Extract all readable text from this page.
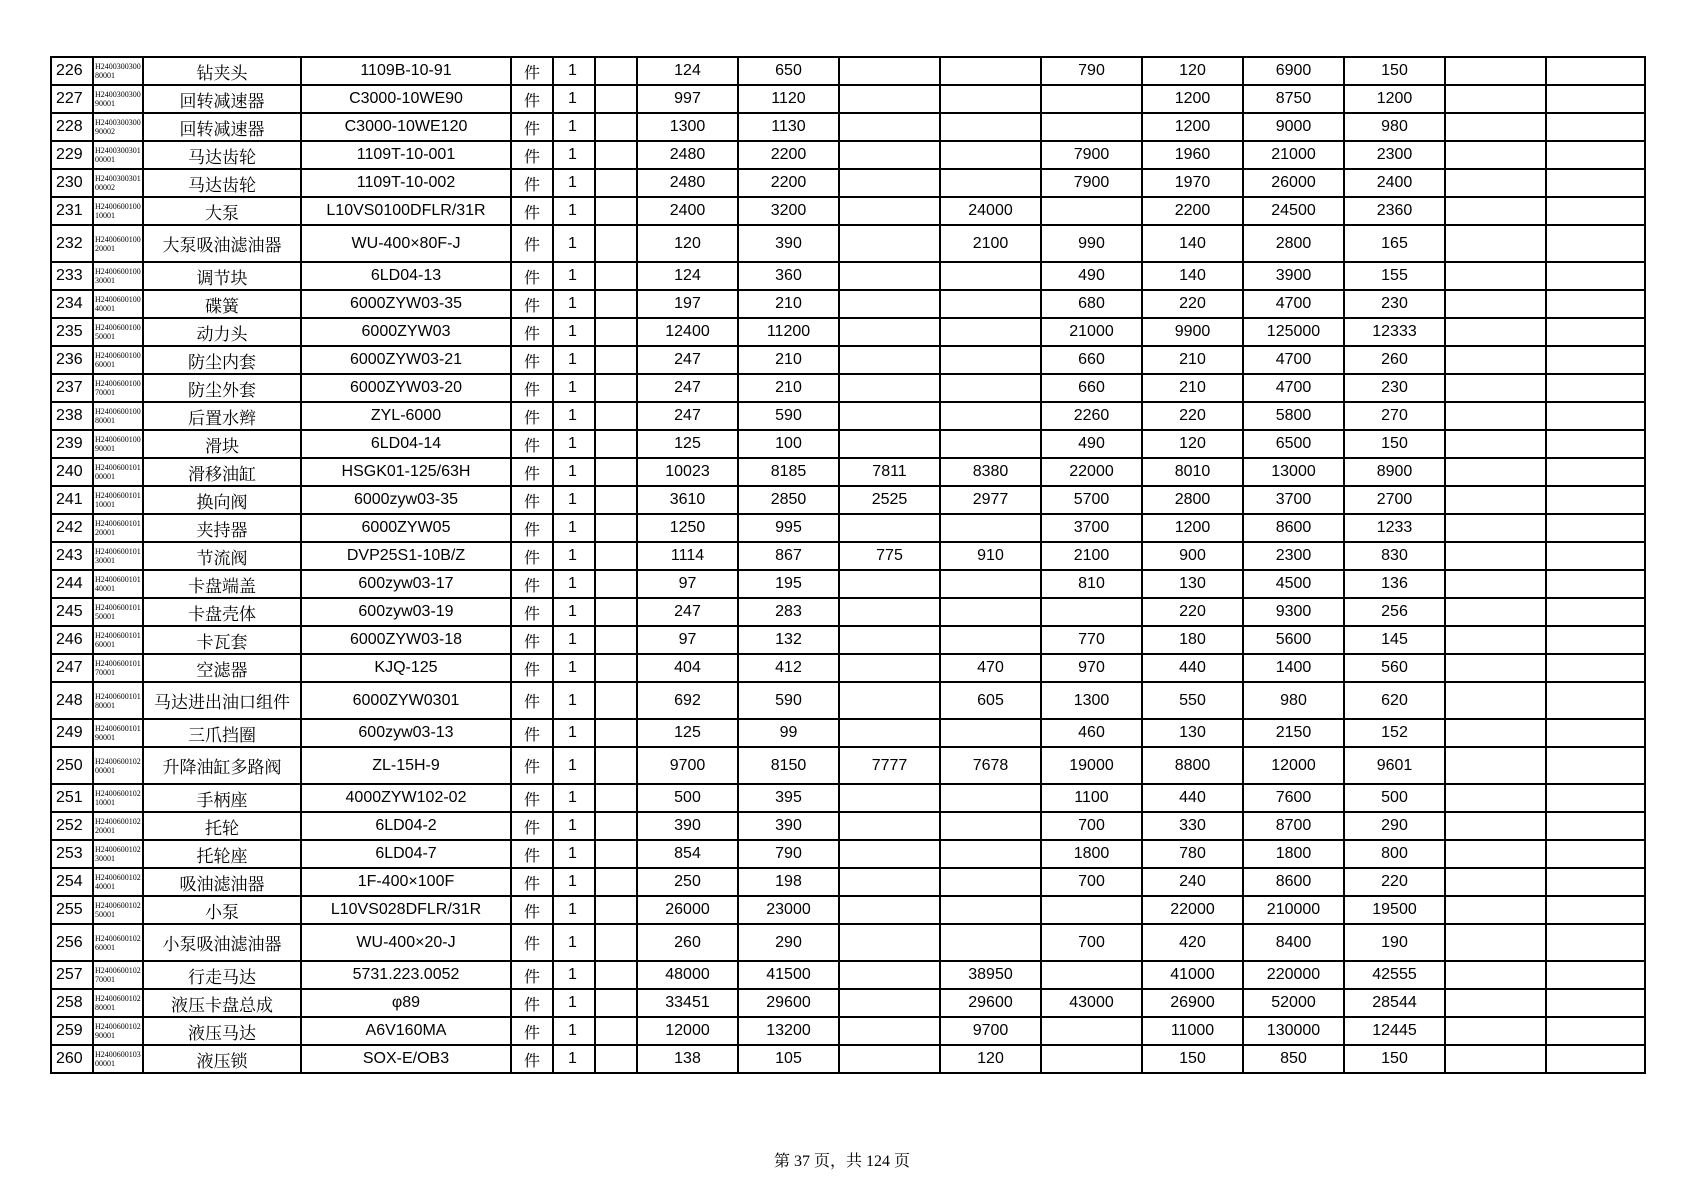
226	H240030030080001	钻夹头	1109B-10-91	件	1		124	650			790	120	6900	150		
227	H240030030090001	回转减速器	C3000-10WE90	件	1		997	1120				1200	8750	1200		
228	H240030030090002	回转减速器	C3000-10WE120	件	1		1300	1130				1200	9000	980		
229	H240030030100001	马达齿轮	1109T-10-001	件	1		2480	2200			7900	1960	21000	2300		
230	H240030030100002	马达齿轮	1109T-10-002	件	1		2480	2200			7900	1970	26000	2400		
231	H240060010010001	大泵	L10VS0100DFLR/31R	件	1		2400	3200		24000		2200	24500	2360		
232	H240060010020001	大泵吸油滤油器	WU-400×80F-J	件	1		120	390		2100	990	140	2800	165		
233	H240060010030001	调节块	6LD04-13	件	1		124	360			490	140	3900	155		
234	H240060010040001	碟簧	6000ZYW03-35	件	1		197	210			680	220	4700	230		
235	H240060010050001	动力头	6000ZYW03	件	1		12400	11200			21000	9900	125000	12333		
236	H240060010060001	防尘内套	6000ZYW03-21	件	1		247	210			660	210	4700	260		
237	H240060010070001	防尘外套	6000ZYW03-20	件	1		247	210			660	210	4700	230		
238	H240060010080001	后置水辫	ZYL-6000	件	1		247	590			2260	220	5800	270		
239	H240060010090001	滑块	6LD04-14	件	1		125	100			490	120	6500	150		
240	H240060010100001	滑移油缸	HSGK01-125/63H	件	1		10023	8185	7811	8380	22000	8010	13000	8900		
241	H240060010110001	换向阀	6000zyw03-35	件	1		3610	2850	2525	2977	5700	2800	3700	2700		
242	H240060010120001	夹持器	6000ZYW05	件	1		1250	995			3700	1200	8600	1233		
243	H240060010130001	节流阀	DVP25S1-10B/Z	件	1		1114	867	775	910	2100	900	2300	830		
244	H240060010140001	卡盘端盖	600zyw03-17	件	1		97	195			810	130	4500	136		
245	H240060010150001	卡盘壳体	600zyw03-19	件	1		247	283				220	9300	256		
246	H240060010160001	卡瓦套	6000ZYW03-18	件	1		97	132			770	180	5600	145		
247	H240060010170001	空滤器	KJQ-125	件	1		404	412		470	970	440	1400	560		
248	H240060010180001	马达进出油口组件	6000ZYW0301	件	1		692	590		605	1300	550	980	620		
249	H240060010190001	三爪挡圈	600zyw03-13	件	1		125	99			460	130	2150	152		
250	H240060010200001	升降油缸多路阀	ZL-15H-9	件	1		9700	8150	7777	7678	19000	8800	12000	9601		
251	H240060010210001	手柄座	4000ZYW102-02	件	1		500	395			1100	440	7600	500		
252	H240060010220001	托轮	6LD04-2	件	1		390	390			700	330	8700	290		
253	H240060010230001	托轮座	6LD04-7	件	1		854	790			1800	780	1800	800		
254	H240060010240001	吸油滤油器	1F-400×100F	件	1		250	198			700	240	8600	220		
255	H240060010250001	小泵	L10VS028DFLR/31R	件	1		26000	23000				22000	210000	19500		
256	H240060010260001	小泵吸油滤油器	WU-400×20-J	件	1		260	290			700	420	8400	190		
257	H240060010270001	行走马达	5731.223.0052	件	1		48000	41500		38950		41000	220000	42555		
258	H240060010280001	液压卡盘总成	φ89	件	1		33451	29600		29600	43000	26900	52000	28544		
259	H240060010290001	液压马达	A6V160MA	件	1		12000	13200		9700		11000	130000	12445		
260	H240060010300001	液压锁	SOX-E/OB3	件	1		138	105		120		150	850	150		
第 37 页，共 124 页
